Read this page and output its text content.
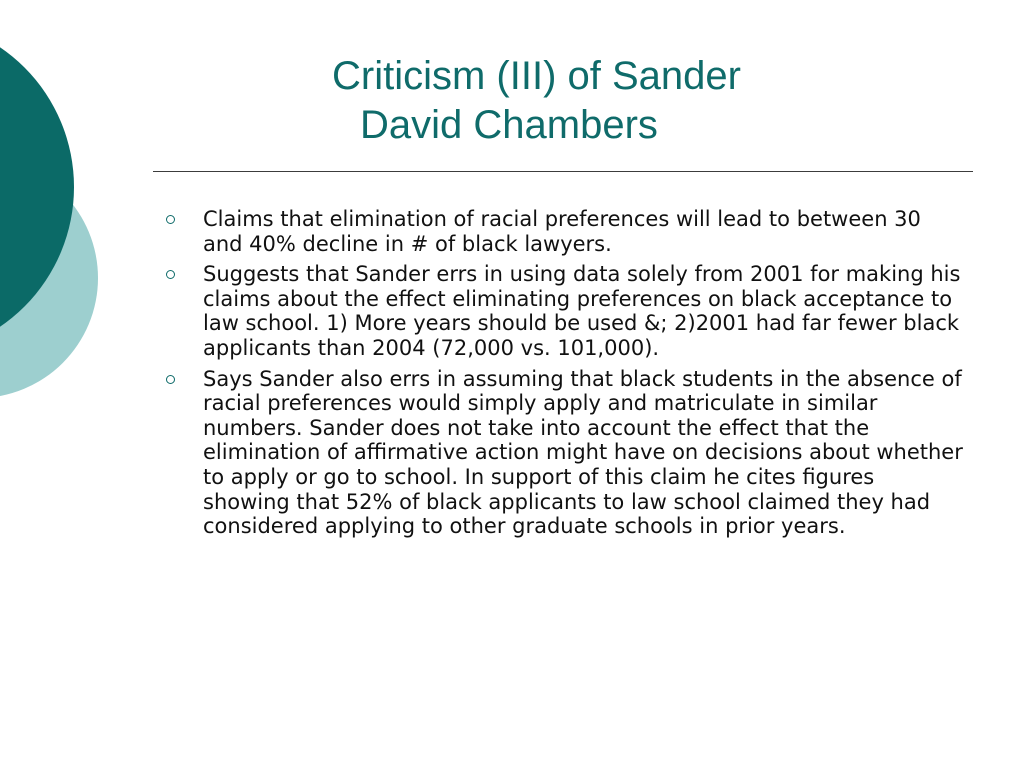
Criticism (III) of Sander
David Chambers
Claims that elimination of racial preferences will lead to between 30 and 40% decline in # of black lawyers.
Suggests that Sander errs in using data solely from 2001 for making his claims about the effect eliminating preferences on black acceptance to law school. 1) More years should be used &; 2)2001 had far fewer black applicants than 2004 (72,000 vs. 101,000).
Says Sander also errs in assuming that black students in the absence of racial preferences would simply apply and matriculate in similar numbers. Sander does not take into account the effect that the elimination of affirmative action might have on decisions about whether to apply or go to school. In support of this claim he cites figures showing that 52% of black applicants to law school claimed they had considered applying to other graduate schools in prior years.
